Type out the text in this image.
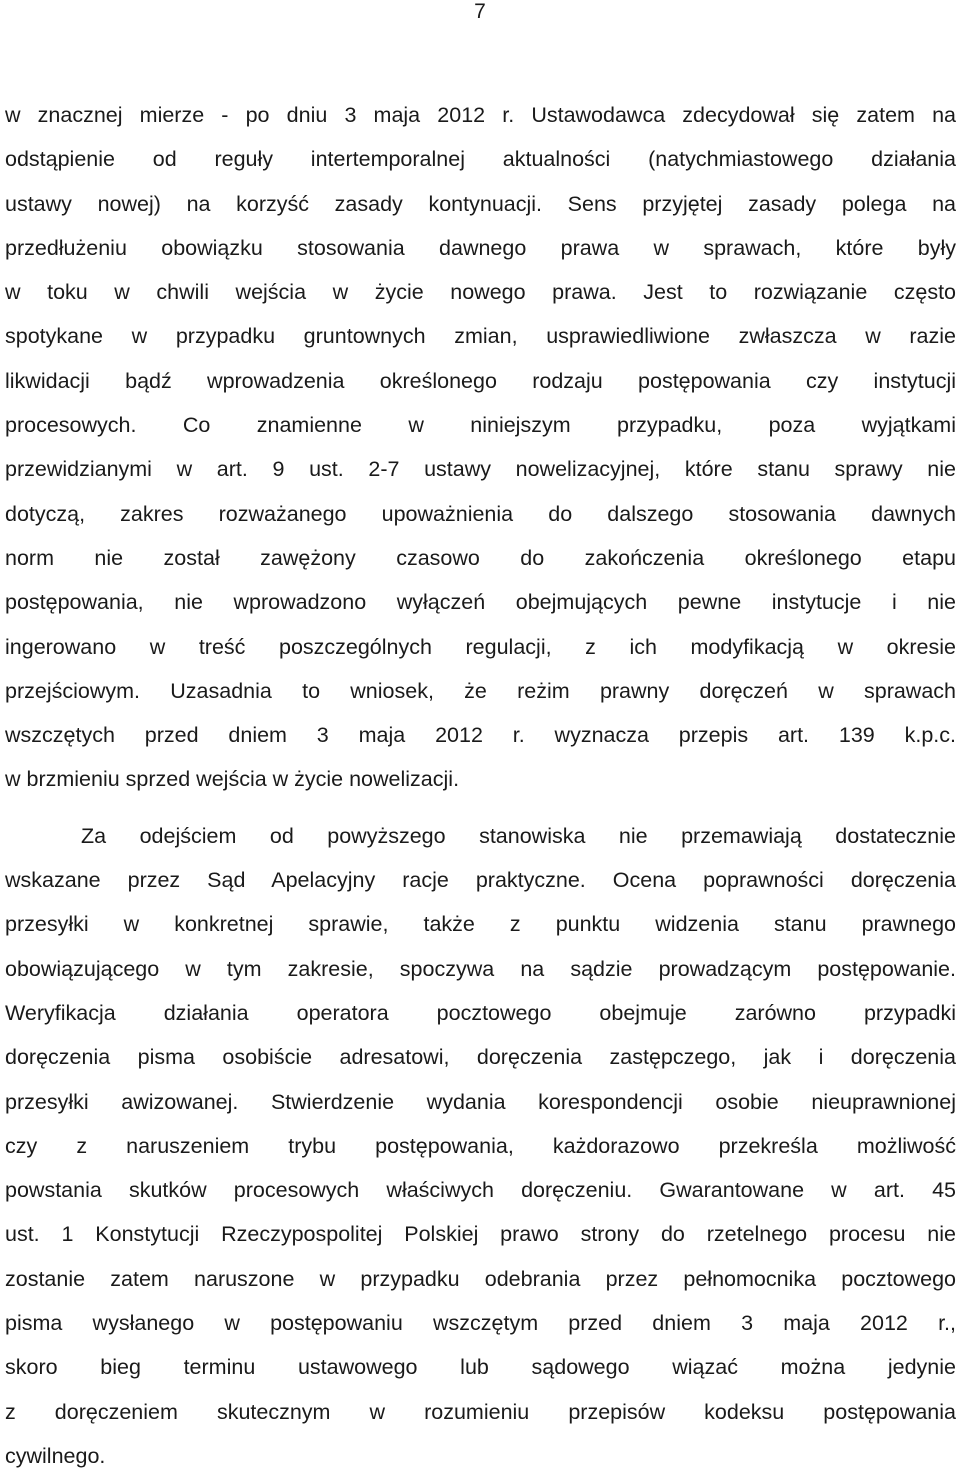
7
w znacznej mierze - po dniu 3 maja 2012 r. Ustawodawca zdecydował się zatem na
odstąpienie od reguły intertemporalnej aktualności (natychmiastowego działania
ustawy nowej) na korzyść zasady kontynuacji. Sens przyjętej zasady polega na
przedłużeniu obowiązku stosowania dawnego prawa w sprawach, które były
w toku w chwili wejścia w życie nowego prawa. Jest to rozwiązanie często
spotykane w przypadku gruntownych zmian, usprawiedliwione zwłaszcza w razie
likwidacji bądź wprowadzenia określonego rodzaju postępowania czy instytucji
procesowych. Co znamienne w niniejszym przypadku, poza wyjątkami
przewidzianymi w art. 9 ust. 2-7 ustawy nowelizacyjnej, które stanu sprawy nie
dotyczą, zakres rozważanego upoważnienia do dalszego stosowania dawnych
norm nie został zawężony czasowo do zakończenia określonego etapu
postępowania, nie wprowadzono wyłączeń obejmujących pewne instytucje i nie
ingerowano w treść poszczególnych regulacji, z ich modyfikacją w okresie
przejściowym. Uzasadnia to wniosek, że reżim prawny doręczeń w sprawach
wszczętych przed dniem 3 maja 2012 r. wyznacza przepis art. 139 k.p.c.
w brzmieniu sprzed wejścia w życie nowelizacji.
Za odejściem od powyższego stanowiska nie przemawiają dostatecznie
wskazane przez Sąd Apelacyjny racje praktyczne. Ocena poprawności doręczenia
przesyłki w konkretnej sprawie, także z punktu widzenia stanu prawnego
obowiązującego w tym zakresie, spoczywa na sądzie prowadzącym postępowanie.
Weryfikacja działania operatora pocztowego obejmuje zarówno przypadki
doręczenia pisma osobiście adresatowi, doręczenia zastępczego, jak i doręczenia
przesyłki awizowanej. Stwierdzenie wydania korespondencji osobie nieuprawnionej
czy z naruszeniem trybu postępowania, każdorazowo przekreśla możliwość
powstania skutków procesowych właściwych doręczeniu. Gwarantowane w art. 45
ust. 1 Konstytucji Rzeczypospolitej Polskiej prawo strony do rzetelnego procesu nie
zostanie zatem naruszone w przypadku odebrania przez pełnomocnika pocztowego
pisma wysłanego w postępowaniu wszczętym przed dniem 3 maja 2012 r.,
skoro bieg terminu ustawowego lub sądowego wiązać można jedynie
z doręczeniem skutecznym w rozumieniu przepisów kodeksu postępowania
cywilnego.
